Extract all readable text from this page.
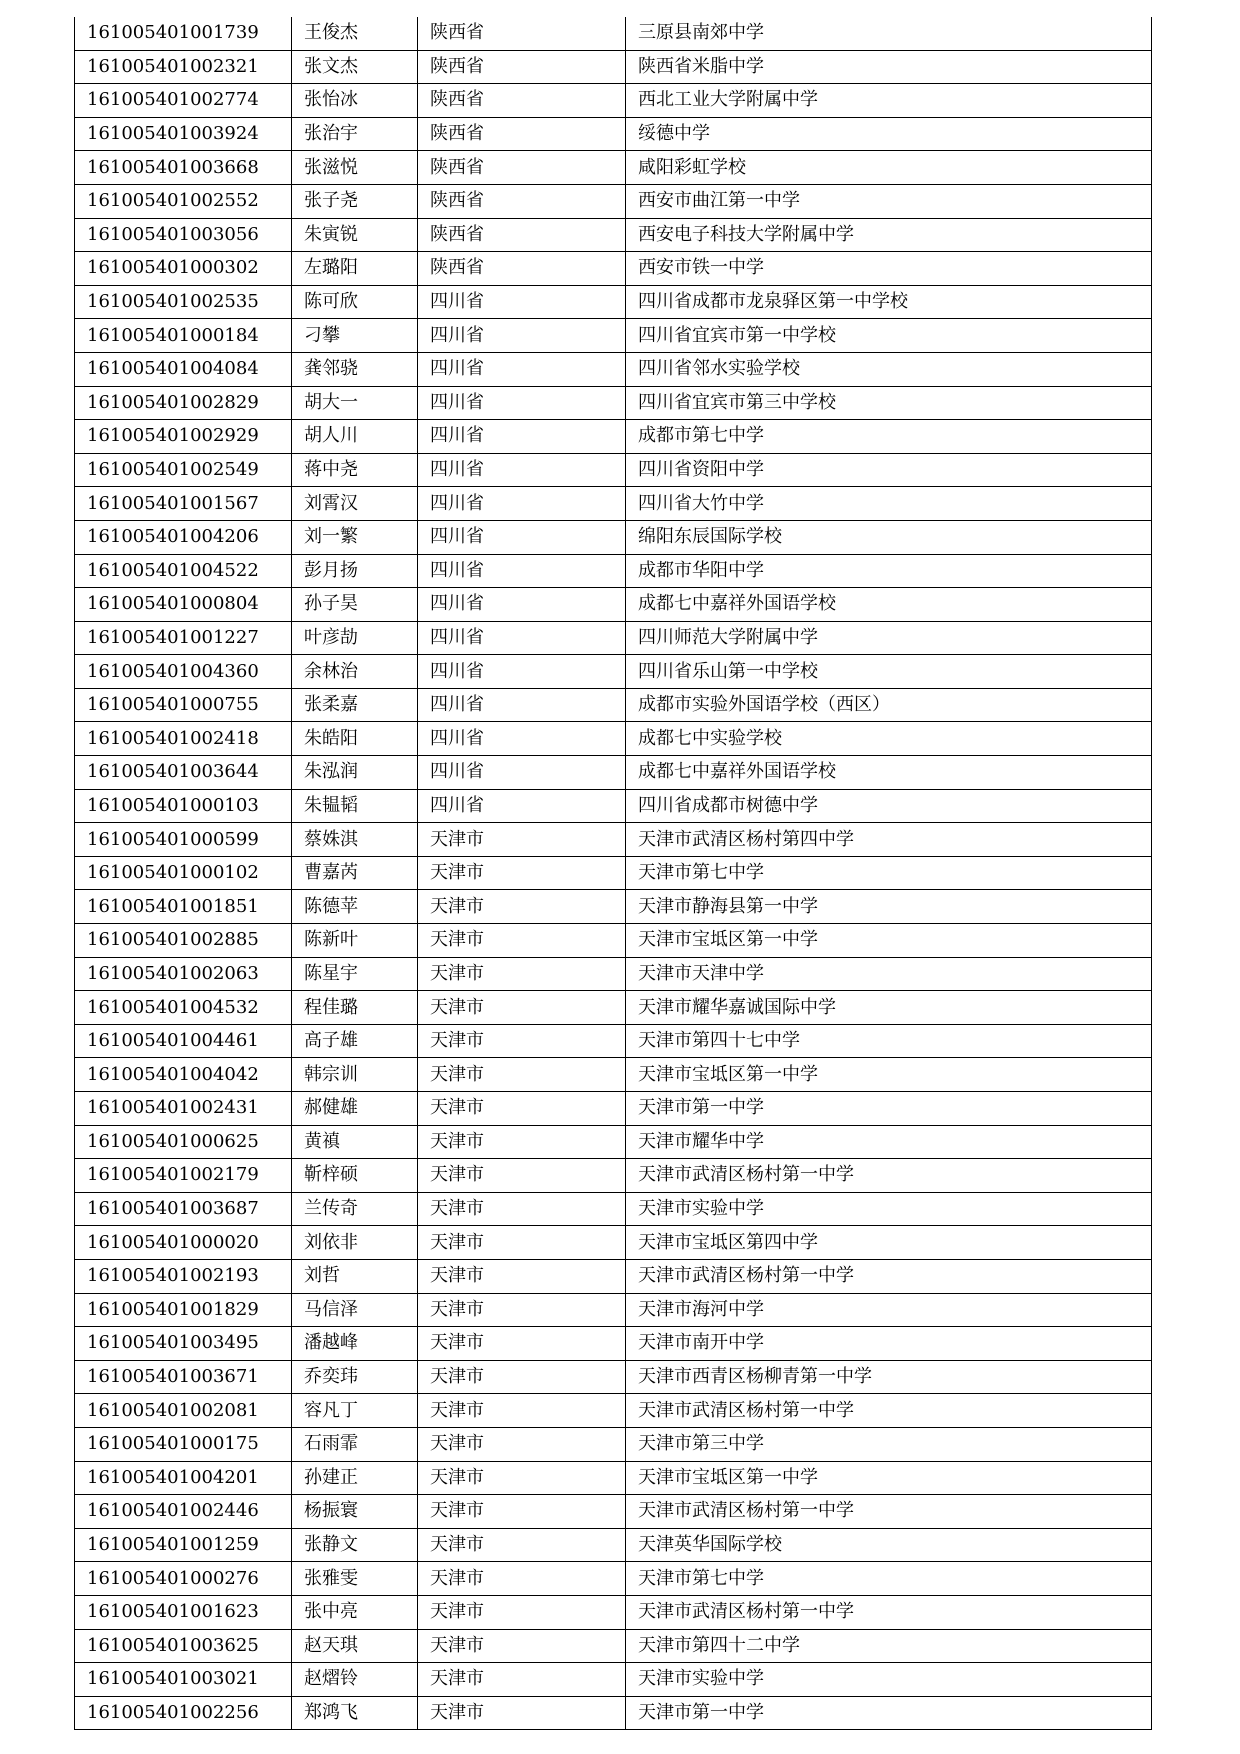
161005401001739	王俊杰	陕西省	三原县南郊中学
161005401002321	张文杰	陕西省	陕西省米脂中学
161005401002774	张怡冰	陕西省	西北工业大学附属中学
161005401003924	张治宇	陕西省	绥德中学
161005401003668	张滋悦	陕西省	咸阳彩虹学校
161005401002552	张子尧	陕西省	西安市曲江第一中学
161005401003056	朱寅锐	陕西省	西安电子科技大学附属中学
161005401000302	左璐阳	陕西省	西安市铁一中学
161005401002535	陈可欣	四川省	四川省成都市龙泉驿区第一中学校
161005401000184	刁攀	四川省	四川省宜宾市第一中学校
161005401004084	龚邻骁	四川省	四川省邻水实验学校
161005401002829	胡大一	四川省	四川省宜宾市第三中学校
161005401002929	胡人川	四川省	成都市第七中学
161005401002549	蒋中尧	四川省	四川省资阳中学
161005401001567	刘霄汉	四川省	四川省大竹中学
161005401004206	刘一繁	四川省	绵阳东辰国际学校
161005401004522	彭月扬	四川省	成都市华阳中学
161005401000804	孙子昊	四川省	成都七中嘉祥外国语学校
161005401001227	叶彦劼	四川省	四川师范大学附属中学
161005401004360	余林治	四川省	四川省乐山第一中学校
161005401000755	张柔嘉	四川省	成都市实验外国语学校（西区）
161005401002418	朱皓阳	四川省	成都七中实验学校
161005401003644	朱泓润	四川省	成都七中嘉祥外国语学校
161005401000103	朱韫韬	四川省	四川省成都市树德中学
161005401000599	蔡姝淇	天津市	天津市武清区杨村第四中学
161005401000102	曹嘉芮	天津市	天津市第七中学
161005401001851	陈德苹	天津市	天津市静海县第一中学
161005401002885	陈新叶	天津市	天津市宝坻区第一中学
161005401002063	陈星宇	天津市	天津市天津中学
161005401004532	程佳璐	天津市	天津市耀华嘉诚国际中学
161005401004461	高子雄	天津市	天津市第四十七中学
161005401004042	韩宗训	天津市	天津市宝坻区第一中学
161005401002431	郝健雄	天津市	天津市第一中学
161005401000625	黄禛	天津市	天津市耀华中学
161005401002179	靳梓硕	天津市	天津市武清区杨村第一中学
161005401003687	兰传奇	天津市	天津市实验中学
161005401000020	刘依非	天津市	天津市宝坻区第四中学
161005401002193	刘哲	天津市	天津市武清区杨村第一中学
161005401001829	马信泽	天津市	天津市海河中学
161005401003495	潘越峰	天津市	天津市南开中学
161005401003671	乔奕玮	天津市	天津市西青区杨柳青第一中学
161005401002081	容凡丁	天津市	天津市武清区杨村第一中学
161005401000175	石雨霏	天津市	天津市第三中学
161005401004201	孙建正	天津市	天津市宝坻区第一中学
161005401002446	杨振寰	天津市	天津市武清区杨村第一中学
161005401001259	张静文	天津市	天津英华国际学校
161005401000276	张雅雯	天津市	天津市第七中学
161005401001623	张中亮	天津市	天津市武清区杨村第一中学
161005401003625	赵天琪	天津市	天津市第四十二中学
161005401003021	赵熠铃	天津市	天津市实验中学
161005401002256	郑鸿飞	天津市	天津市第一中学
